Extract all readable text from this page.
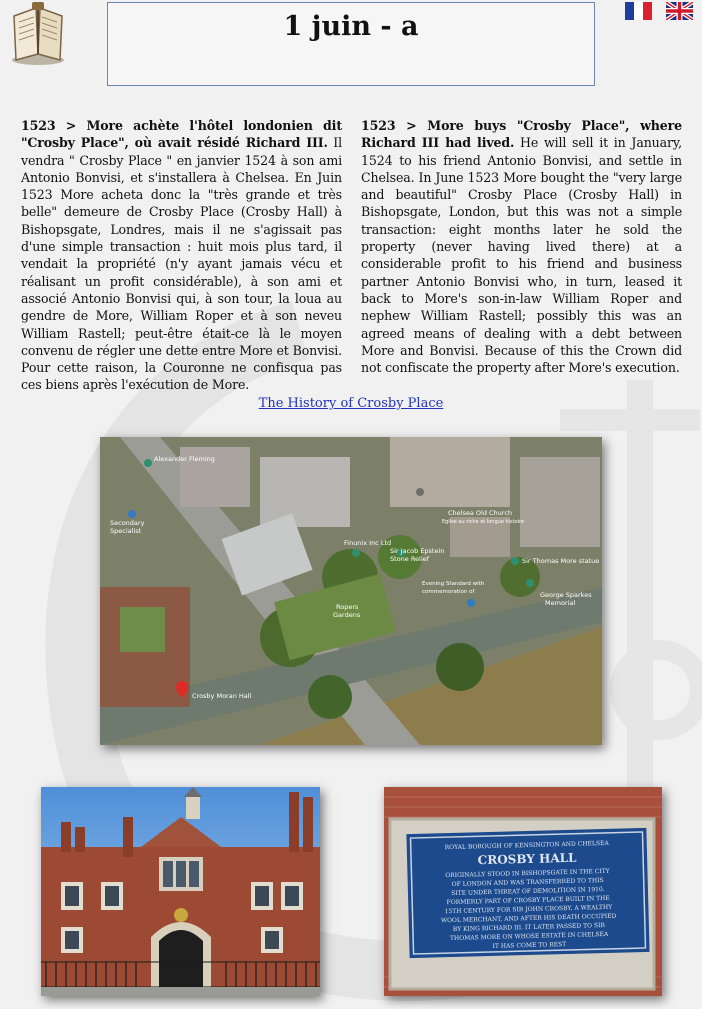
1 juin - a
1523 > More achète l'hôtel londonien dit "Crosby Place", où avait résidé Richard III. Il vendra " Crosby Place " en janvier 1524 à son ami Antonio Bonvisi, et s'installera à Chelsea. En Juin 1523 More acheta donc la "très grande et très belle" demeure de Crosby Place (Crosby Hall) à Bishopsgate, Londres, mais il ne s'agissait pas d'une simple transaction : huit mois plus tard, il vendait la propriété (n'y ayant jamais vécu et réalisant un profit considérable), à son ami et associé Antonio Bonvisi qui, à son tour, la loua au gendre de More, William Roper et à son neveu William Rastell; peut-être était-ce là le moyen convenu de régler une dette entre More et Bonvisi. Pour cette raison, la Couronne ne confisqua pas ces biens après l'exécution de More.
1523 > More buys "Crosby Place", where Richard III had lived. He will sell it in January, 1524 to his friend Antonio Bonvisi, and settle in Chelsea. In June 1523 More bought the "very large and beautiful" Crosby Place (Crosby Hall) in Bishopsgate, London, but this was not a simple transaction: eight months later he sold the property (never having lived there) at a considerable profit to his friend and business partner Antonio Bonvisi who, in turn, leased it back to More's son-in-law William Roper and nephew William Rastell; possibly this was an agreed means of dealing with a debt between More and Bonvisi. Because of this the Crown did not confiscate the property after More's execution.
The History of Crosby Place
Alexander Fleming
Secondary
Specialist
Chelsea Old Church
Eglise au riche et longue histoire
Finunix Inc Ltd
Sir Jacob Epstein
Stone Relief	Sir Thomas More statue
Evening Standard with
commemoration of	George Sparkes
Memorial
Ropers
Gardens
Crosby Moran Hall
ROYAL BOROUGH OF KENSINGTON AND CHELSEA
CROSBY HALL
ORIGINALLY STOOD IN BISHOPSGATE IN THE CITY
OF LONDON AND WAS TRANSFERRED TO THIS
SITE UNDER THREAT OF DEMOLITION IN 1910.
FORMERLY PART OF CROSBY PLACE BUILT IN THE
15TH CENTURY FOR SIR JOHN CROSBY, A WEALTHY
WOOL MERCHANT, AND AFTER HIS DEATH OCCUPIED
BY KING RICHARD III. IT LATER PASSED TO SIR
THOMAS MORE ON WHOSE ESTATE IN CHELSEA
IT HAS COME TO REST
